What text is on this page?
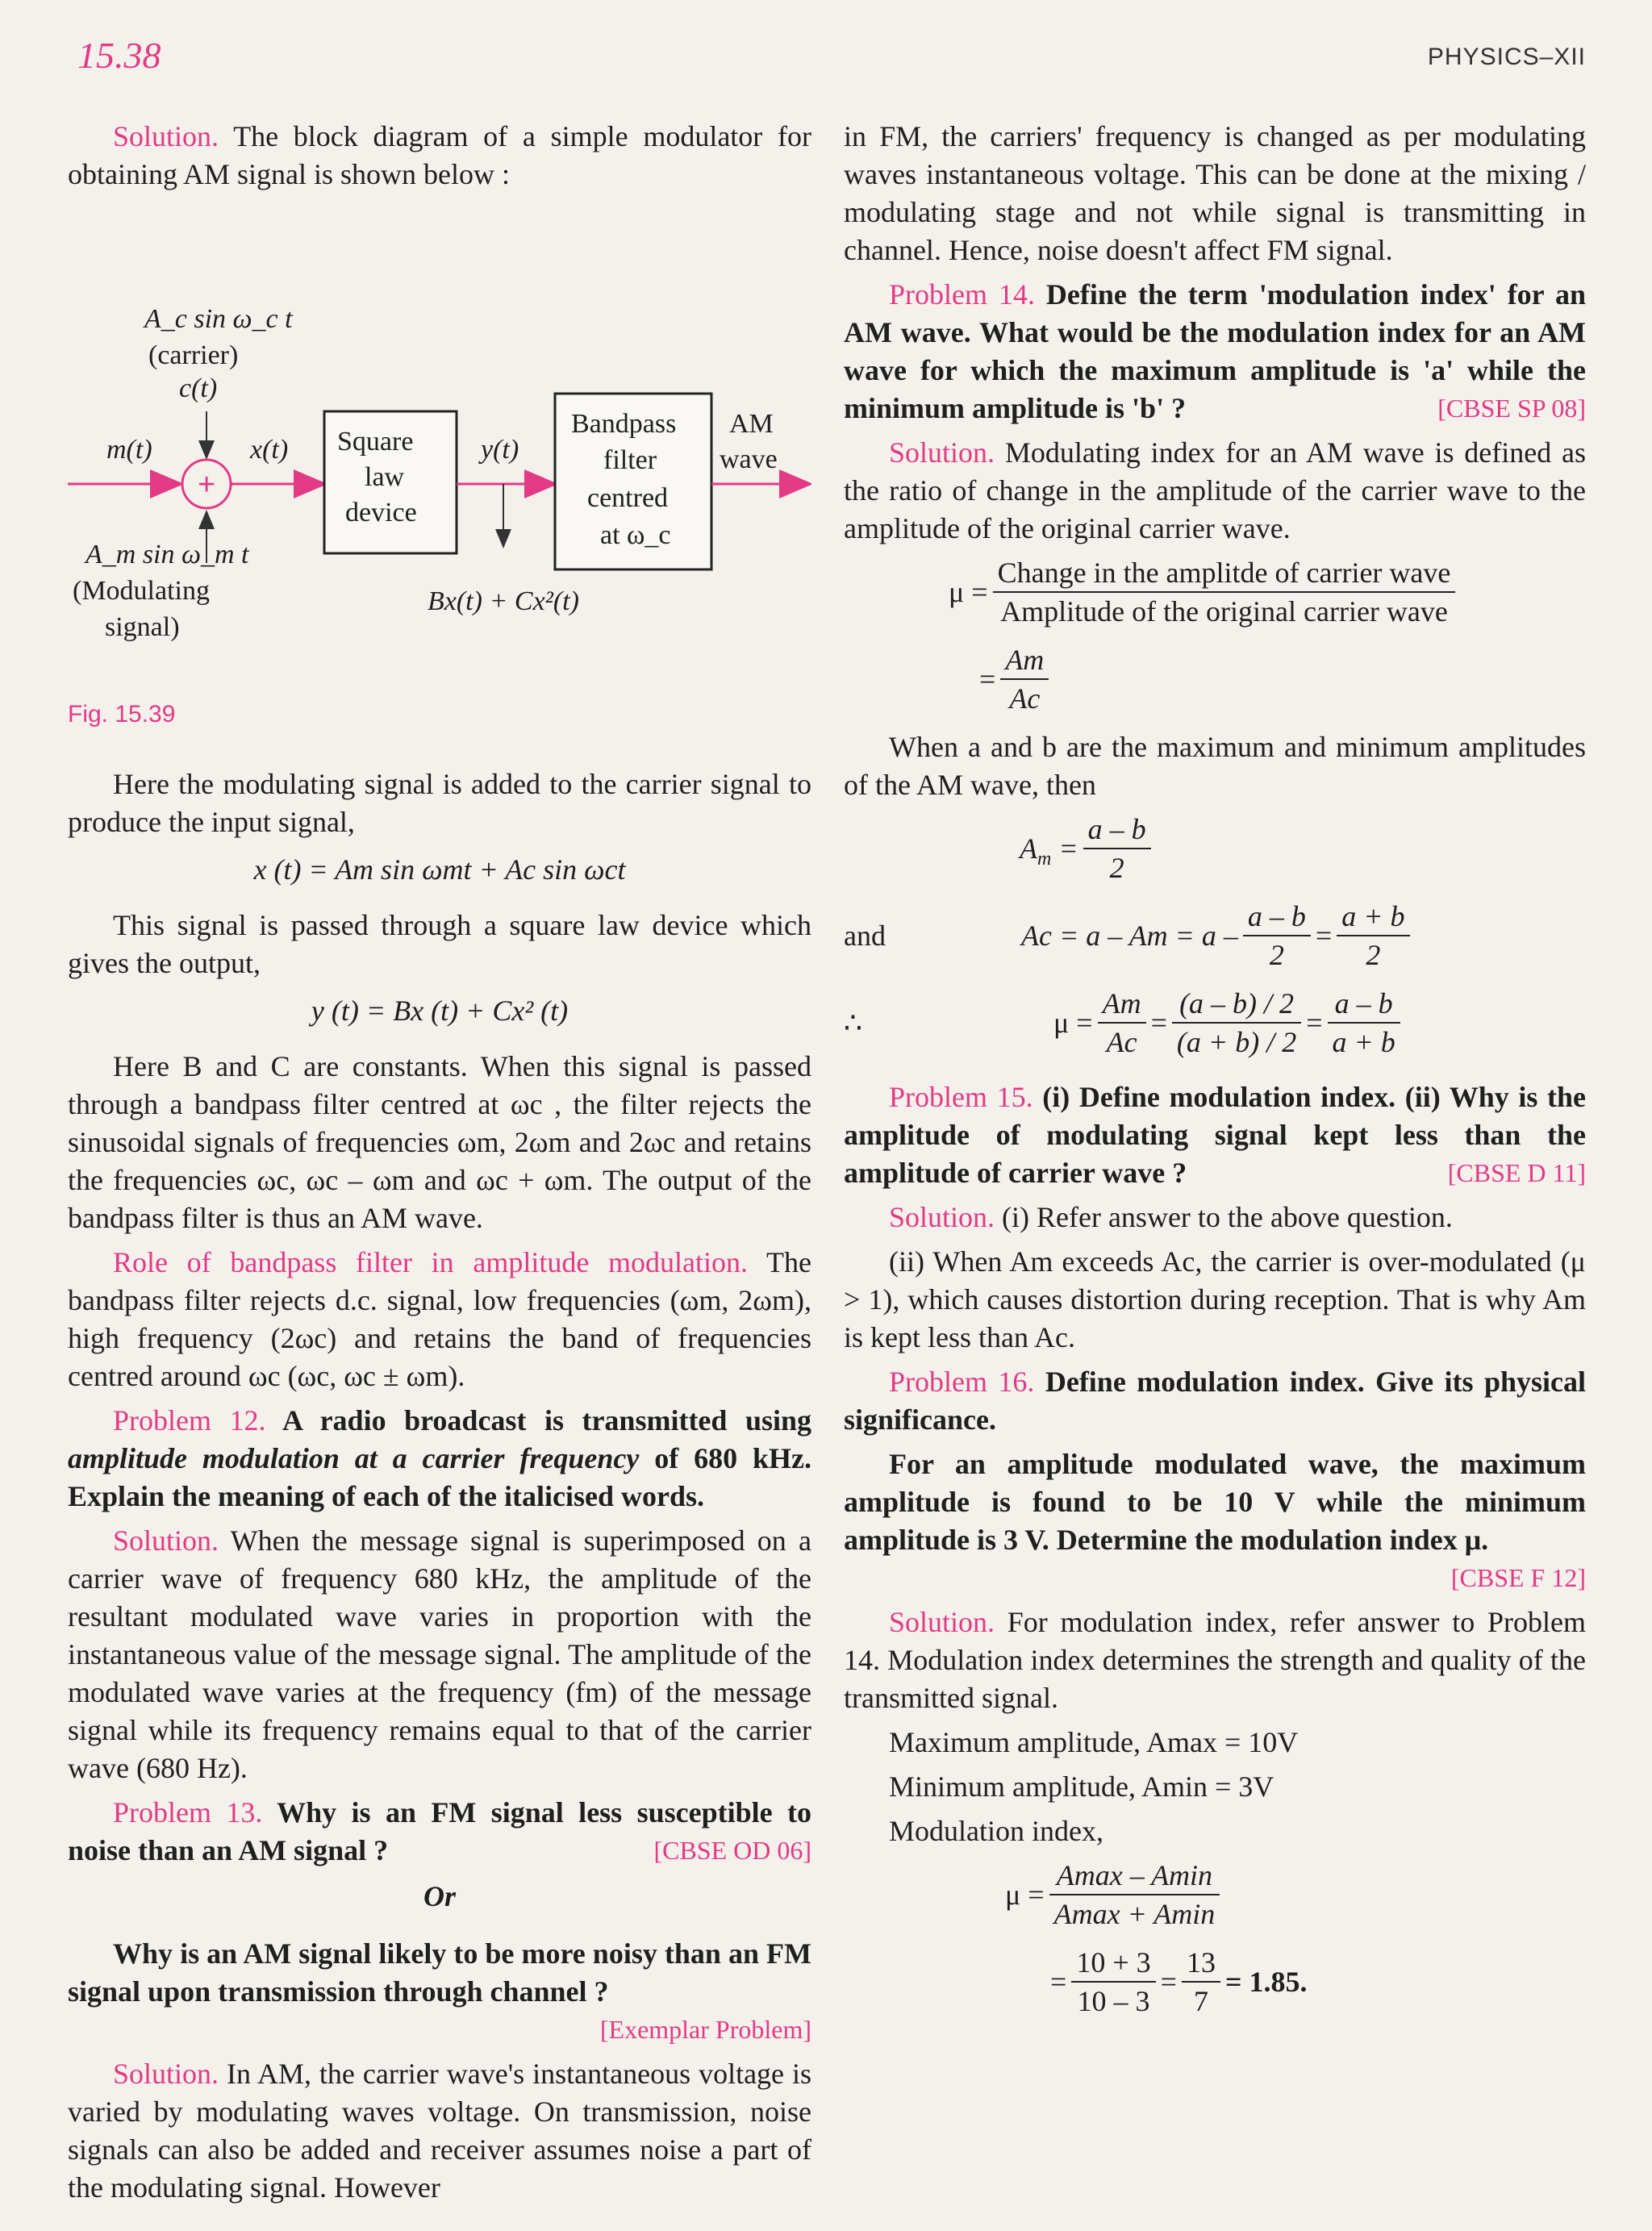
15.38	PHYSICS–XII

Solution. The block diagram of a simple modulator for obtaining AM signal is shown below :

A_c sin ω_c t
(carrier)
c(t)
m(t)
+
x(t) Square
law
device
y(t)
Bandpass
filter
centred
at ω_c
AM
wave
A_m sin ω_m t
(Modulating
signal)
Bx(t) + Cx²(t)
Fig. 15.39

Here the modulating signal is added to the carrier signal to produce the input signal,

x (t) = Am sin ωmt + Ac sin ωct

This signal is passed through a square law device which gives the output,

y (t) = Bx (t) + Cx² (t)

Here B and C are constants. When this signal is passed through a bandpass filter centred at ωc , the filter rejects the sinusoidal signals of frequencies ωm, 2ωm and 2ωc and retains the frequencies ωc, ωc – ωm and ωc + ωm. The output of the bandpass filter is thus an AM wave.

Role of bandpass filter in amplitude modulation. The bandpass filter rejects d.c. signal, low frequencies (ωm, 2ωm), high frequency (2ωc) and retains the band of frequencies centred around ωc (ωc, ωc ± ωm).

Problem 12. A radio broadcast is transmitted using amplitude modulation at a carrier frequency of 680 kHz. Explain the meaning of each of the italicised words.

Solution. When the message signal is superimposed on a carrier wave of frequency 680 kHz, the amplitude of the resultant modulated wave varies in proportion with the instantaneous value of the message signal. The amplitude of the modulated wave varies at the frequency (fm) of the message signal while its frequency remains equal to that of the carrier wave (680 Hz).

Problem 13. Why is an FM signal less susceptible to noise than an AM signal ?	[CBSE OD 06]

Or

Why is an AM signal likely to be more noisy than an FM signal upon transmission through channel ?

[Exemplar Problem]

Solution. In AM, the carrier wave's instantaneous voltage is varied by modulating waves voltage. On transmission, noise signals can also be added and receiver assumes noise a part of the modulating signal. However

in FM, the carriers' frequency is changed as per modulating waves instantaneous voltage. This can be done at the mixing / modulating stage and not while signal is transmitting in channel. Hence, noise doesn't affect FM signal.

Problem 14. Define the term 'modulation index' for an AM wave. What would be the modulation index for an AM wave for which the maximum amplitude is 'a' while the minimum amplitude is 'b' ?	[CBSE SP 08]

Solution. Modulating index for an AM wave is defined as the ratio of change in the amplitude of the carrier wave to the amplitude of the original carrier wave.

$\mu = \frac{\text{Change in the amplitde of carrier wave}}{\text{Amplitude of the original carrier wave}}$
= $\frac{Am}{Ac}$

When a and b are the maximum and minimum amplitudes of the AM wave, then

$A_m = \frac{a - b}{2}$
and	$Ac = a - Am = a - \frac{a - b}{2} = \frac{a + b}{2}$
∴	$\mu = \frac{Am}{Ac} = \frac{(a - b) / 2}{(a + b) / 2} = \frac{a - b}{a + b}$

Problem 15. (i) Define modulation index. (ii) Why is the amplitude of modulating signal kept less than the amplitude of carrier wave ?	[CBSE D 11]

Solution. (i) Refer answer to the above question.

(ii) When Am exceeds Ac, the carrier is over-modulated (μ > 1), which causes distortion during reception. That is why Am is kept less than Ac.

Problem 16. Define modulation index. Give its physical significance.

For an amplitude modulated wave, the maximum amplitude is found to be 10 V while the minimum amplitude is 3 V. Determine the modulation index μ.

[CBSE F 12]

Solution. For modulation index, refer answer to Problem 14. Modulation index determines the strength and quality of the transmitted signal.

Maximum amplitude, Amax = 10V

Minimum amplitude, Amin = 3V

Modulation index,

$\mu = \frac{Amax - Amin}{Amax + Amin}$
= $\frac{10 + 3}{10 - 3} = \frac{13}{7} = 1.85$.
